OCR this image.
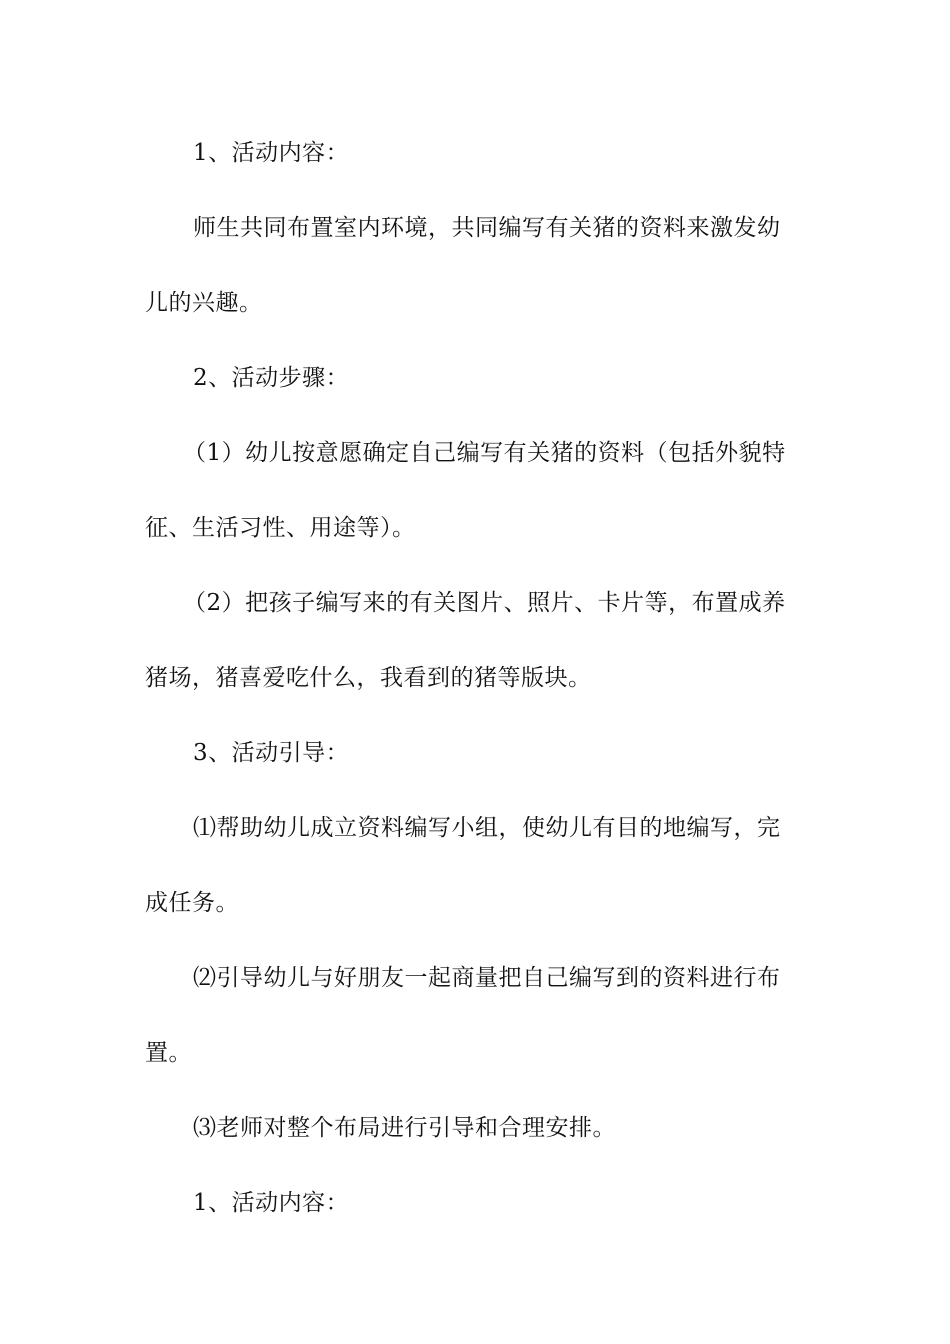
1、活动内容：

师生共同布置室内环境，共同编写有关猪的资料来激发幼

儿的兴趣。

2、活动步骤：

（1）幼儿按意愿确定自己编写有关猪的资料（包括外貌特

征、生活习性、用途等）。

（2）把孩子编写来的有关图片、照片、卡片等，布置成养

猪场，猪喜爱吃什么，我看到的猪等版块。

3、活动引导：

⑴帮助幼儿成立资料编写小组，使幼儿有目的地编写，完

成任务。

⑵引导幼儿与好朋友一起商量把自己编写到的资料进行布

置。

⑶老师对整个布局进行引导和合理安排。

1、活动内容：
